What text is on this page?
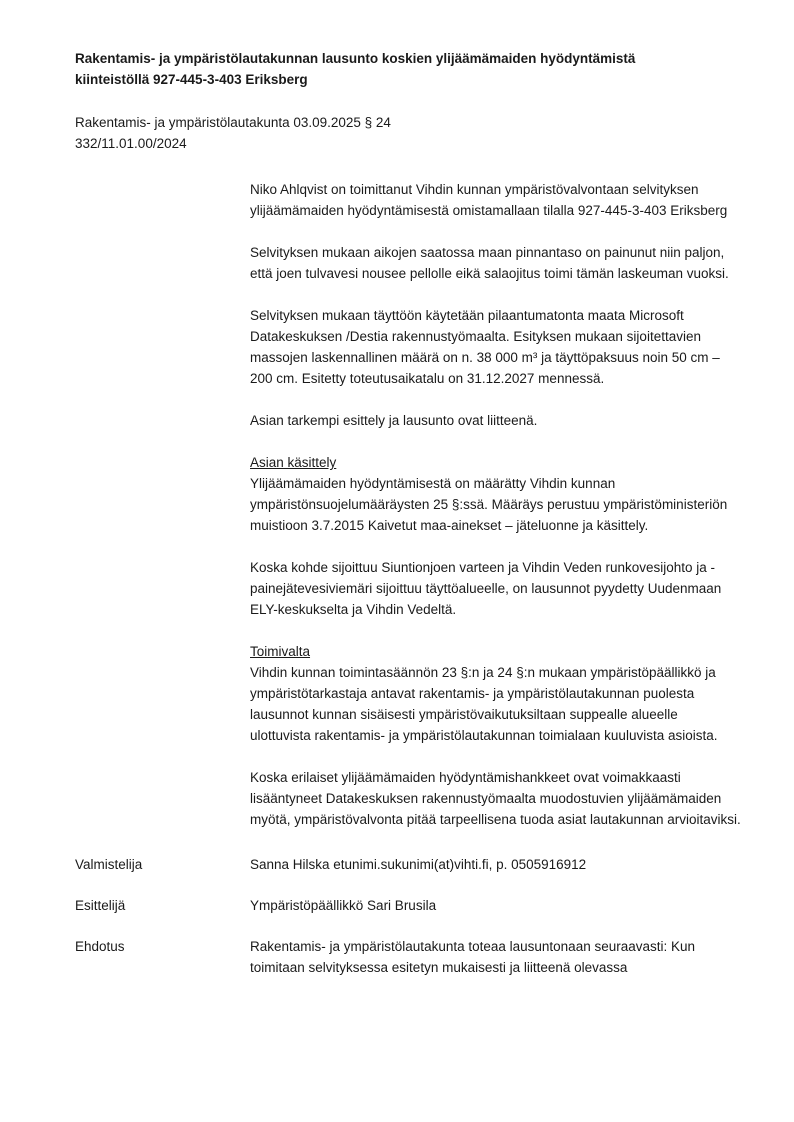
Rakentamis- ja ympäristölautakunnan lausunto koskien ylijäämämaiden hyödyntämistä
kiinteistöllä 927-445-3-403 Eriksberg
Rakentamis- ja ympäristölautakunta 03.09.2025 § 24
332/11.01.00/2024

Niko Ahlqvist on toimittanut Vihdin kunnan ympäristövalvontaan selvityksen ylijäämämaiden hyödyntämisestä omistamallaan tilalla 927-445-3-403 Eriksberg

Selvityksen mukaan aikojen saatossa maan pinnantaso on painunut niin paljon, että joen tulvavesi nousee pellolle eikä salaojitus toimi tämän laskeuman vuoksi.

Selvityksen mukaan täyttöön käytetään pilaantumatonta maata Microsoft Datakeskuksen /Destia rakennustyömaalta. Esityksen mukaan sijoitettavien massojen laskennallinen määrä on n. 38 000 m³ ja täyttöpaksuus noin 50 cm – 200 cm. Esitetty toteutusaikatalu on 31.12.2027 mennessä.

Asian tarkempi esittely ja lausunto ovat liitteenä.

Asian käsittely

Ylijäämämaiden hyödyntämisestä on määrätty Vihdin kunnan ympäristönsuojelumääräysten 25 §:ssä. Määräys perustuu ympäristöministeriön muistioon 3.7.2015 Kaivetut maa-ainekset – jäteluonne ja käsittely.

Koska kohde sijoittuu Siuntionjoen varteen ja Vihdin Veden runkovesijohto ja -painejätevesiviemäri sijoittuu täyttöalueelle, on lausunnot pyydetty Uudenmaan ELY-keskukselta ja Vihdin Vedeltä.

Toimivalta

Vihdin kunnan toimintasäännön 23 §:n ja 24 §:n mukaan ympäristöpäällikkö ja ympäristötarkastaja antavat rakentamis- ja ympäristölautakunnan puolesta lausunnot kunnan sisäisesti ympäristövaikutuksiltaan suppealle alueelle ulottuvista rakentamis- ja ympäristölautakunnan toimialaan kuuluvista asioista.

Koska erilaiset ylijäämämaiden hyödyntämishankkeet ovat voimakkaasti lisääntyneet Datakeskuksen rakennustyömaalta muodostuvien ylijäämämaiden myötä, ympäristövalvonta pitää tarpeellisena tuoda asiat lautakunnan arvioitaviksi.

Valmistelija	Sanna Hilska etunimi.sukunimi(at)vihti.fi, p. 0505916912
Esittelijä	Ympäristöpäällikkö Sari Brusila
Ehdotus	Rakentamis- ja ympäristölautakunta toteaa lausuntonaan seuraavasti: Kun toimitaan selvityksessa esitetyn mukaisesti ja liitteenä olevassa
